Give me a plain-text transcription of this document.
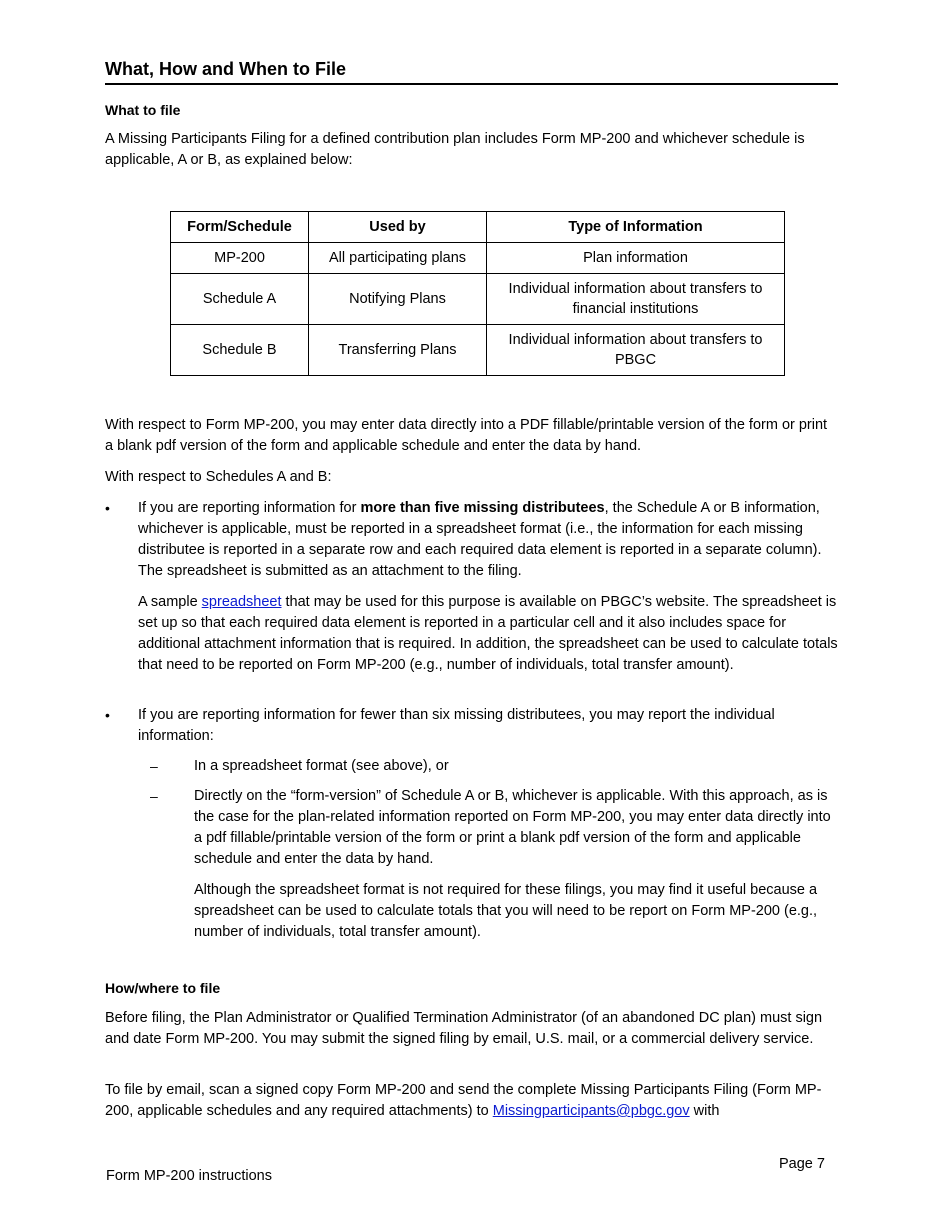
What, How and When to File
What to file

A Missing Participants Filing for a defined contribution plan includes Form MP-200 and whichever schedule is applicable, A or B, as explained below:

Form/Schedule	Used by	Type of Information
MP-200	All participating plans	Plan information
Schedule A	Notifying Plans	Individual information about transfers to financial institutions
Schedule B	Transferring Plans	Individual information about transfers to PBGC

With respect to Form MP-200, you may enter data directly into a PDF fillable/printable version of the form or print a blank pdf version of the form and applicable schedule and enter the data by hand.

With respect to Schedules A and B:

• If you are reporting information for more than five missing distributees, the Schedule A or B information, whichever is applicable, must be reported in a spreadsheet format (i.e., the information for each missing distributee is reported in a separate row and each required data element is reported in a separate column). The spreadsheet is submitted as an attachment to the filing.

A sample spreadsheet that may be used for this purpose is available on PBGC’s website. The spreadsheet is set up so that each required data element is reported in a particular cell and it also includes space for additional attachment information that is required. In addition, the spreadsheet can be used to calculate totals that need to be reported on Form MP-200 (e.g., number of individuals, total transfer amount).

• If you are reporting information for fewer than six missing distributees, you may report the individual information:

– In a spreadsheet format (see above), or

– Directly on the “form-version” of Schedule A or B, whichever is applicable. With this approach, as is the case for the plan-related information reported on Form MP-200, you may enter data directly into a pdf fillable/printable version of the form or print a blank pdf version of the form and applicable schedule and enter the data by hand.

Although the spreadsheet format is not required for these filings, you may find it useful because a spreadsheet can be used to calculate totals that you will need to be report on Form MP-200 (e.g., number of individuals, total transfer amount).

How/where to file

Before filing, the Plan Administrator or Qualified Termination Administrator (of an abandoned DC plan) must sign and date Form MP-200. You may submit the signed filing by email, U.S. mail, or a commercial delivery service.

To file by email, scan a signed copy Form MP-200 and send the complete Missing Participants Filing (Form MP-200, applicable schedules and any required attachments) to Missingparticipants@pbgc.gov with

Form MP-200 instructions
Page 7
